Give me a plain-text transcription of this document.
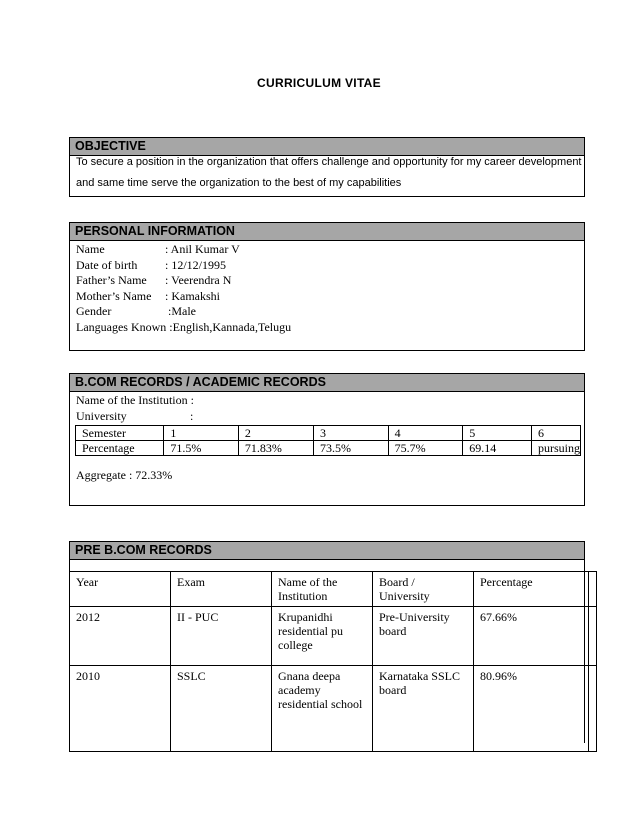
CURRICULUM VITAE
OBJECTIVE
To secure a position in the organization that offers challenge and opportunity for my career development
and same time serve the organization to the best of my capabilities
PERSONAL INFORMATION
Name	: Anil Kumar V
Date of birth : 12/12/1995
Father’s Name : Veerendra N
Mother’s Name : Kamakshi
Gender	:Male
Languages Known :English,Kannada,Telugu
B.COM RECORDS / ACADEMIC RECORDS
Name of the Institution :
University	:
Semester	1	2	3	4	5	6
Percentage	71.5%	71.83%	73.5%	75.7%	69.14	pursuing
Aggregate : 72.33%
PRE B.COM RECORDS
Year	Exam	Name of the Institution	Board / University	Percentage	
2012	II - PUC	Krupanidhi residential pu college	Pre-University board	67.66%	
2010	SSLC	Gnana deepa academy residential school	Karnataka SSLC board	80.96%	
